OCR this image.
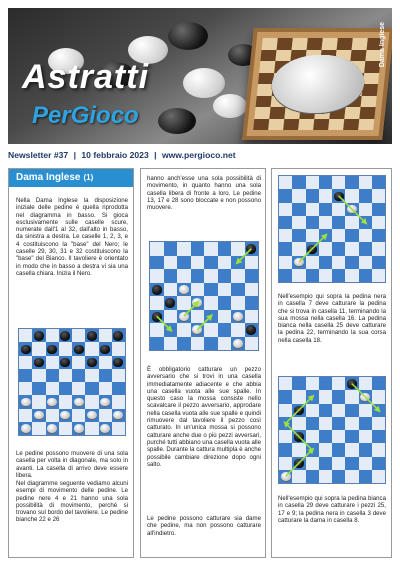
Astratti
PerGioco
Dama Inglese
Newsletter #37 | 10 febbraio 2023 | www.pergioco.net
Dama Inglese (1)
Nella Dama Inglese la disposizione iniziale delle pedine è quella riprodotta nel diagramma in basso. Si gioca esclusivamente sulle caselle scure, numerate dall'1 al 32, dall'alto in basso, da sinistra a destra. Le caselle 1, 2, 3, e 4 costituiscono la "base" del Nero; le caselle 29, 30, 31 e 32 costituiscono la "base" del Bianco. Il tavoliere è orientato in modo che in basso a destra vi sia una casella chiara. Inizia il Nero.
Le pedine possono muovere di una sola casella per volta in diagonale, ma solo in avanti. La casella di arrivo deve essere libera.
Nel diagramme seguente vediamo alcuni esempi di movimento delle pedine. Le pedine nere 4 e 21 hanno una sola possibilità di movimento, perché si trovano sul bordo del tavoliere. Le pedine bianche 22 e 26
hanno anch'esse una sola possibilità di movimento, in quanto hanno una sola casella libera di fronte a loro. Le pedine 13, 17 e 28 sono bloccate e non possono muovere.
È obbligatorio catturare un pezzo avversario che si trovi in una casella immediatamente adiacente e che abbia una casella vuota alle sue spalle. In questo caso la mossa consiste nello scavalcare il pezzo avversario, approdare nella casella vuota alle sue spalle e quindi rimuovere dal tavoliere il pezzo così catturato. In un'unica mossa si possono catturare anche due o più pezzi avversari, purché tutti abbiano una casella vuota alle spalle. Durante la cattura multipla è anche possibile cambiare direzione dopo ogni salto.
Le pedine possono catturare sia dame che pedine, ma non possono catturare all'indietro.
Nell'esempio qui sopra la pedina nera in casella 7 deve catturare la pedina che si trova in casella 11, terminando la sua mossa nella casella 16. La pedina bianca nella casella 25 deve catturare la pedina 22, terminando la sua corsa nella casella 18.
Nell'esempio qui sopra la pedina bianca in casella 29 deve catturare i pezzi 25, 17 e 9; la pedina nera in casella 3 deve catturare la dama in casella 8.
